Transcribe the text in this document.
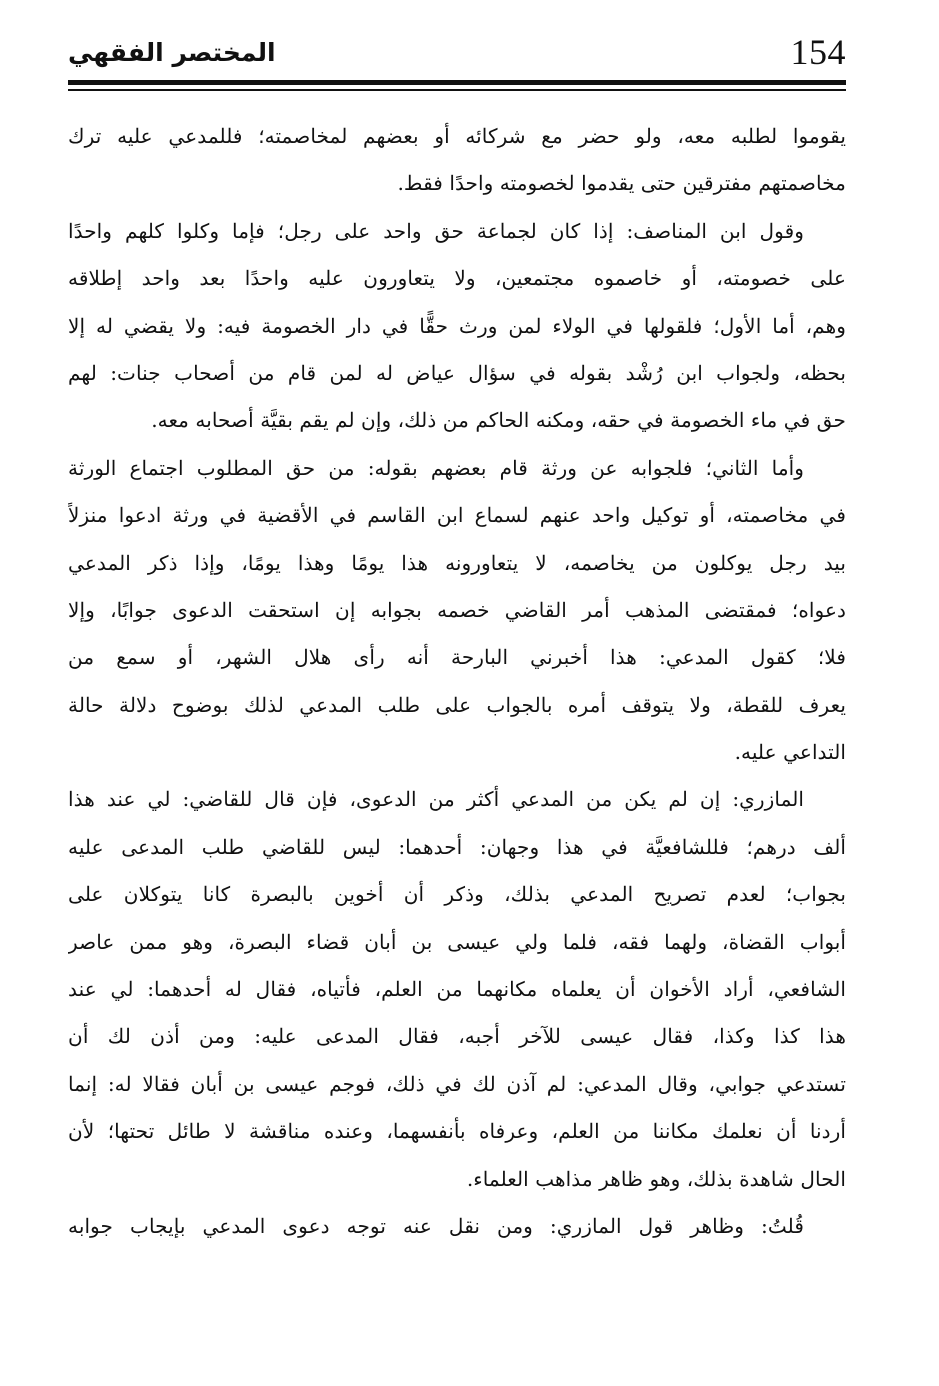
154
المختصر الفقهي
يقوموا لطلبه معه، ولو حضر مع شركائه أو بعضهم لمخاصمته؛ فللمدعي عليه ترك
مخاصمتهم مفترقين حتى يقدموا لخصومته واحدًا فقط.
وقول ابن المناصف: إذا كان لجماعة حق واحد على رجل؛ فإما وكلوا كلهم واحدًا
على خصومته، أو خاصموه مجتمعين، ولا يتعاورون عليه واحدًا بعد واحد إطلاقه
وهم، أما الأول؛ فلقولها في الولاء لمن ورث حقًّا في دار الخصومة فيه: ولا يقضي له إلا
بحظه، ولجواب ابن رُشْد بقوله في سؤال عياض له لمن قام من أصحاب جنات: لهم
حق في ماء الخصومة في حقه، ومكنه الحاكم من ذلك، وإن لم يقم بقيَّة أصحابه معه.
وأما الثاني؛ فلجوابه عن ورثة قام بعضهم بقوله: من حق المطلوب اجتماع الورثة
في مخاصمته، أو توكيل واحد عنهم لسماع ابن القاسم في الأقضية في ورثة ادعوا منزلاً
بيد رجل يوكلون من يخاصمه، لا يتعاورونه هذا يومًا وهذا يومًا، وإذا ذكر المدعي
دعواه؛ فمقتضى المذهب أمر القاضي خصمه بجوابه إن استحقت الدعوى جوابًا، وإلا
فلا؛ كقول المدعي: هذا أخبرني البارحة أنه رأى هلال الشهر، أو سمع من
يعرف للقطة، ولا يتوقف أمره بالجواب على طلب المدعي لذلك بوضوح دلالة حالة
التداعي عليه.
المازري: إن لم يكن من المدعي أكثر من الدعوى، فإن قال للقاضي: لي عند هذا
ألف درهم؛ فللشافعيَّة في هذا وجهان: أحدهما: ليس للقاضي طلب المدعى عليه
بجواب؛ لعدم تصريح المدعي بذلك، وذكر أن أخوين بالبصرة كانا يتوكلان على
أبواب القضاة، ولهما فقه، فلما ولي عيسى بن أبان قضاء البصرة، وهو ممن عاصر
الشافعي، أراد الأخوان أن يعلماه مكانهما من العلم، فأتياه، فقال له أحدهما: لي عند
هذا كذا وكذا، فقال عيسى للآخر أجبه، فقال المدعى عليه: ومن أذن لك أن
تستدعي جوابي، وقال المدعي: لم آذن لك في ذلك، فوجم عيسى بن أبان فقالا له: إنما
أردنا أن نعلمك مكاننا من العلم، وعرفاه بأنفسهما، وعنده مناقشة لا طائل تحتها؛ لأن
الحال شاهدة بذلك، وهو ظاهر مذاهب العلماء.
قُلتُ: وظاهر قول المازري: ومن نقل عنه توجه دعوى المدعي بإيجاب جوابه
